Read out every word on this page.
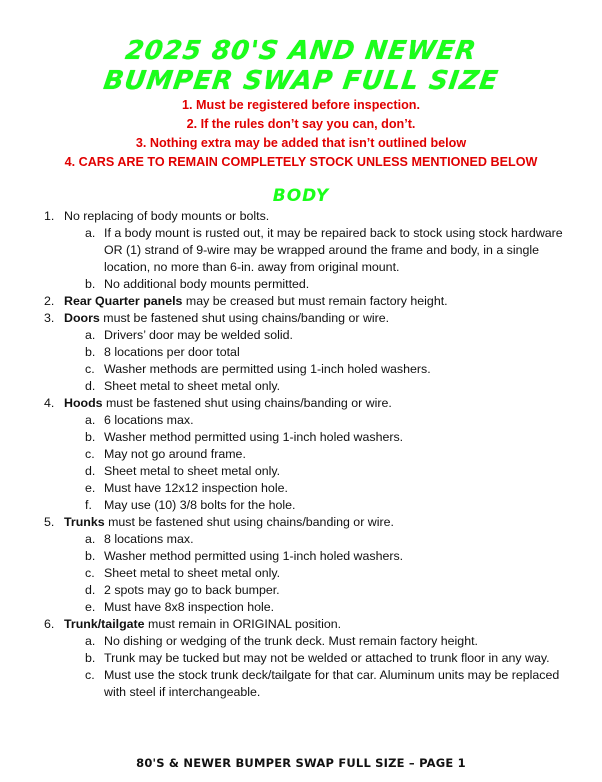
2025 80'S AND NEWER
BUMPER SWAP FULL SIZE
1. Must be registered before inspection.
2. If the rules don’t say you can, don’t.
3. Nothing extra may be added that isn’t outlined below
4. CARS ARE TO REMAIN COMPLETELY STOCK UNLESS MENTIONED BELOW
BODY
1. No replacing of body mounts or bolts.
a. If a body mount is rusted out, it may be repaired back to stock using stock hardware OR (1) strand of 9-wire may be wrapped around the frame and body, in a single location, no more than 6-in. away from original mount.
b. No additional body mounts permitted.
2. Rear Quarter panels may be creased but must remain factory height.
3. Doors must be fastened shut using chains/banding or wire.
a. Drivers’ door may be welded solid.
b. 8 locations per door total
c. Washer methods are permitted using 1-inch holed washers.
d. Sheet metal to sheet metal only.
4. Hoods must be fastened shut using chains/banding or wire.
a. 6 locations max.
b. Washer method permitted using 1-inch holed washers.
c. May not go around frame.
d. Sheet metal to sheet metal only.
e. Must have 12x12 inspection hole.
f. May use (10) 3/8 bolts for the hole.
5. Trunks must be fastened shut using chains/banding or wire.
a. 8 locations max.
b. Washer method permitted using 1-inch holed washers.
c. Sheet metal to sheet metal only.
d. 2 spots may go to back bumper.
e. Must have 8x8 inspection hole.
6. Trunk/tailgate must remain in ORIGINAL position.
a. No dishing or wedging of the trunk deck. Must remain factory height.
b. Trunk may be tucked but may not be welded or attached to trunk floor in any way.
c. Must use the stock trunk deck/tailgate for that car. Aluminum units may be replaced with steel if interchangeable.
80'S & NEWER BUMPER SWAP FULL SIZE – PAGE 1
